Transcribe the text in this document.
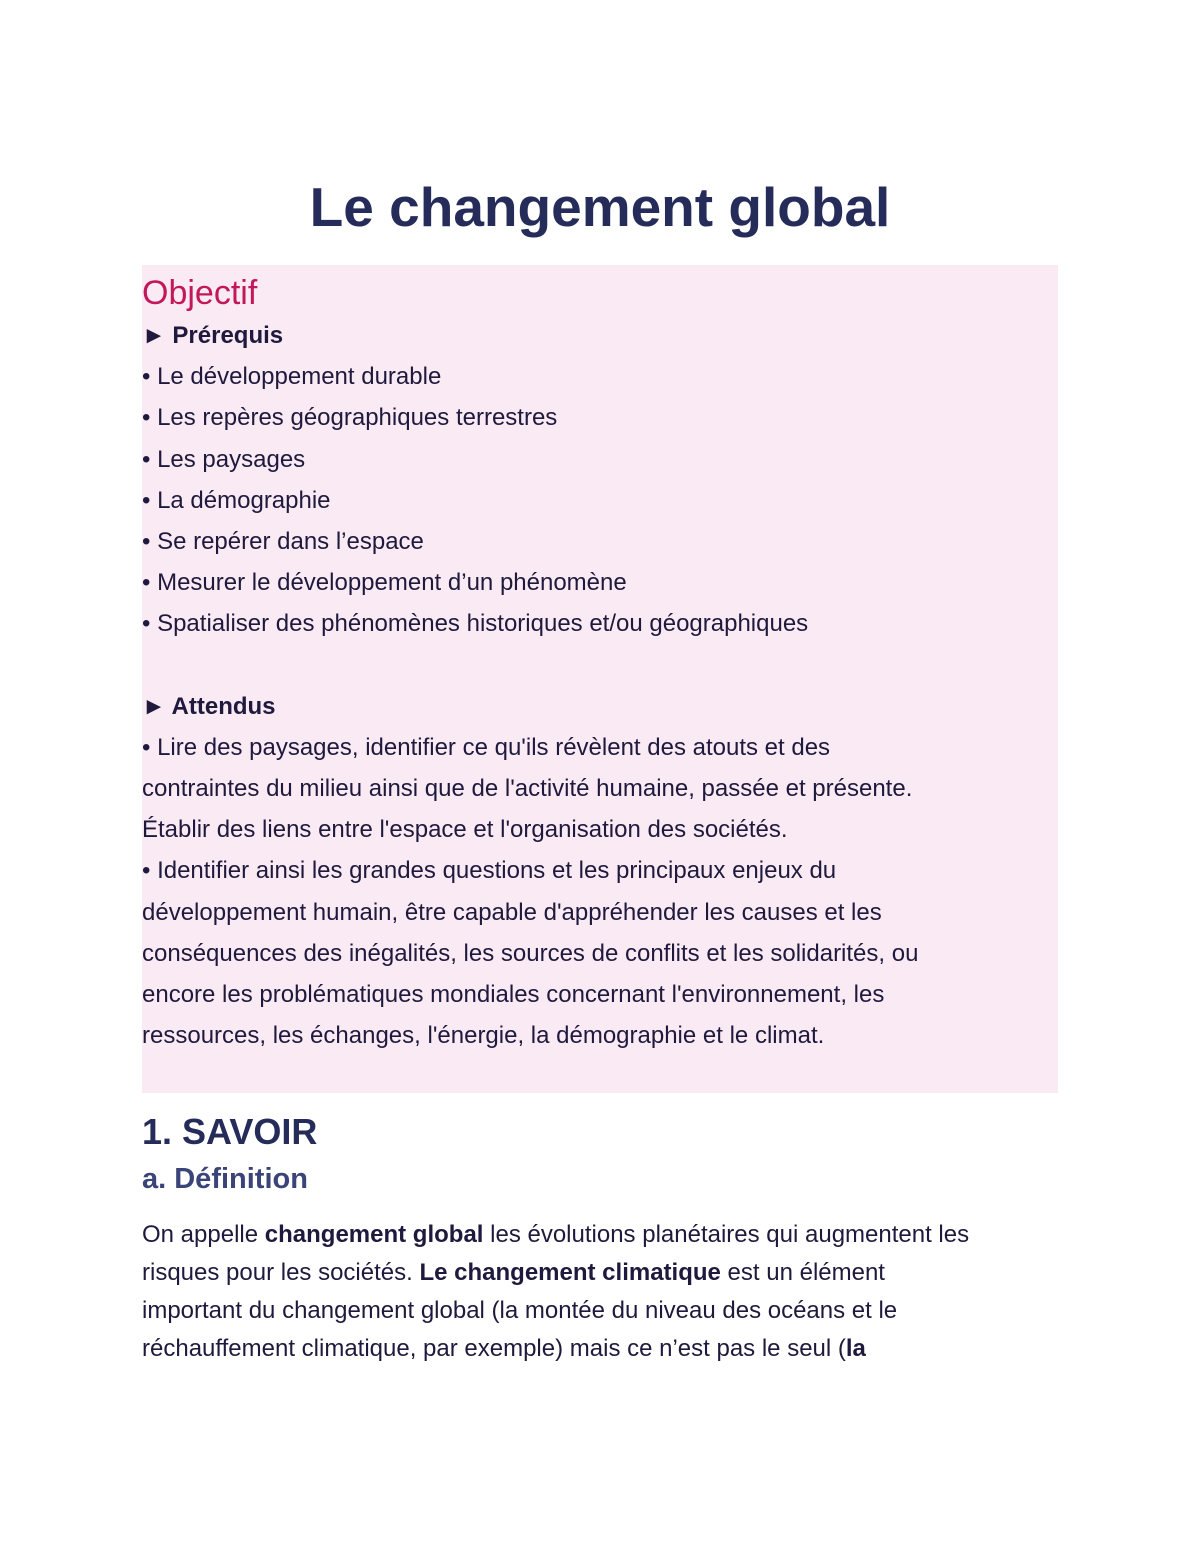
Le changement global
Objectif
► Prérequis
• Le développement durable
• Les repères géographiques terrestres
• Les paysages
• La démographie
• Se repérer dans l’espace
• Mesurer le développement d’un phénomène
• Spatialiser des phénomènes historiques et/ou géographiques
► Attendus
• Lire des paysages, identifier ce qu'ils révèlent des atouts et des
contraintes du milieu ainsi que de l'activité humaine, passée et présente.
Établir des liens entre l'espace et l'organisation des sociétés.
• Identifier ainsi les grandes questions et les principaux enjeux du
développement humain, être capable d'appréhender les causes et les
conséquences des inégalités, les sources de conflits et les solidarités, ou
encore les problématiques mondiales concernant l'environnement, les
ressources, les échanges, l'énergie, la démographie et le climat.
1. SAVOIR
a. Définition
On appelle changement global les évolutions planétaires qui augmentent les
risques pour les sociétés. Le changement climatique est un élément
important du changement global (la montée du niveau des océans et le
réchauffement climatique, par exemple) mais ce n’est pas le seul (la
